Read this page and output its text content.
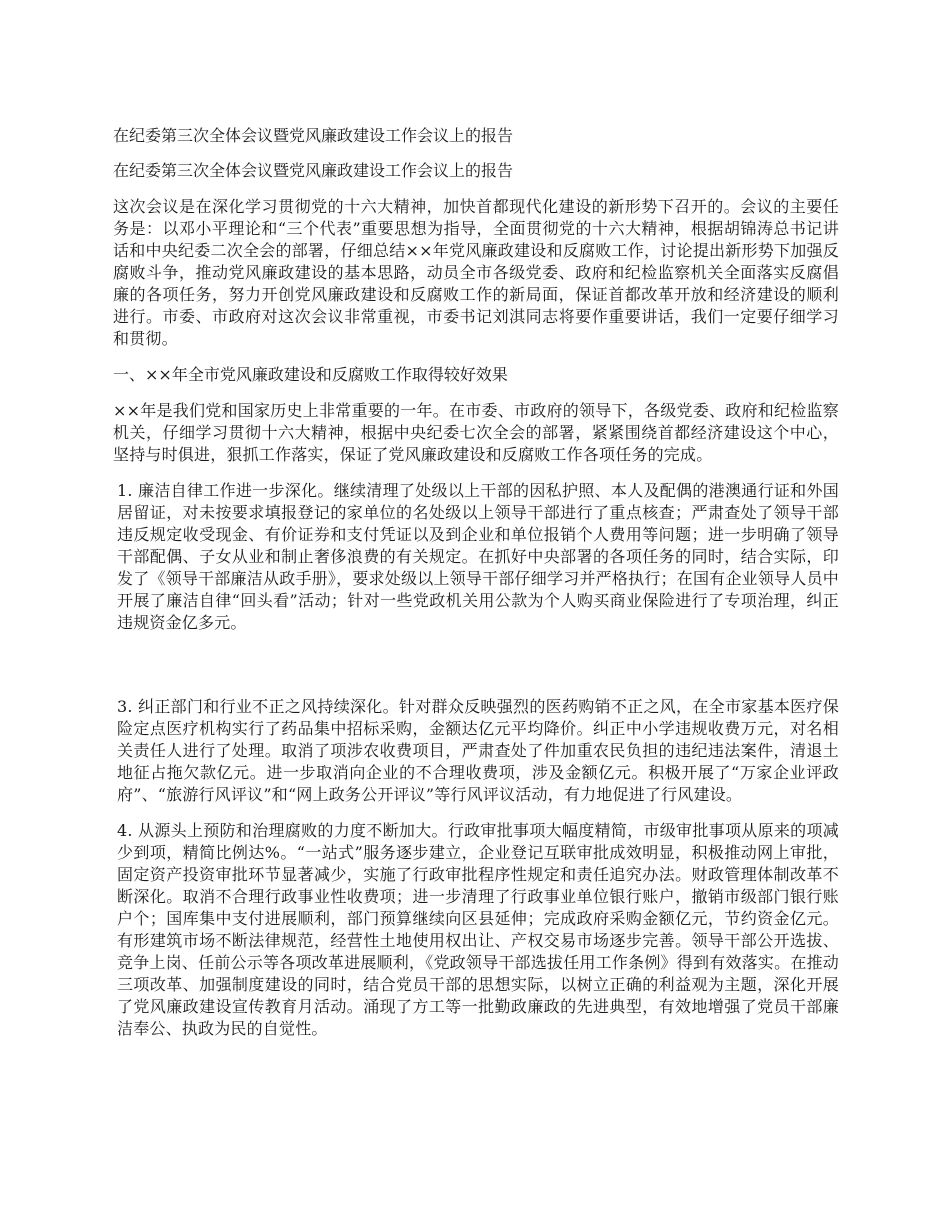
在纪委第三次全体会议暨党风廉政建设工作会议上的报告

在纪委第三次全体会议暨党风廉政建设工作会议上的报告

这次会议是在深化学习贯彻党的十六大精神，加快首都现代化建设的新形势下召开的。会议的主要任务是：以邓小平理论和“三个代表”重要思想为指导，全面贯彻党的十六大精神，根据胡锦涛总书记讲话和中央纪委二次全会的部署，仔细总结××年党风廉政建设和反腐败工作，讨论提出新形势下加强反腐败斗争，推动党风廉政建设的基本思路，动员全市各级党委、政府和纪检监察机关全面落实反腐倡廉的各项任务，努力开创党风廉政建设和反腐败工作的新局面，保证首都改革开放和经济建设的顺利进行。市委、市政府对这次会议非常重视，市委书记刘淇同志将要作重要讲话，我们一定要仔细学习和贯彻。

一、××年全市党风廉政建设和反腐败工作取得较好效果

××年是我们党和国家历史上非常重要的一年。在市委、市政府的领导下，各级党委、政府和纪检监察机关，仔细学习贯彻十六大精神，根据中央纪委七次全会的部署，紧紧围绕首都经济建设这个中心，坚持与时俱进，狠抓工作落实，保证了党风廉政建设和反腐败工作各项任务的完成。

1. 廉洁自律工作进一步深化。继续清理了处级以上干部的因私护照、本人及配偶的港澳通行证和外国居留证，对未按要求填报登记的家单位的名处级以上领导干部进行了重点核查；严肃查处了领导干部违反规定收受现金、有价证券和支付凭证以及到企业和单位报销个人费用等问题；进一步明确了领导干部配偶、子女从业和制止奢侈浪费的有关规定。在抓好中央部署的各项任务的同时，结合实际，印发了《领导干部廉洁从政手册》，要求处级以上领导干部仔细学习并严格执行；在国有企业领导人员中开展了廉洁自律“回头看”活动；针对一些党政机关用公款为个人购买商业保险进行了专项治理，纠正违规资金亿多元。

3. 纠正部门和行业不正之风持续深化。针对群众反映强烈的医药购销不正之风，在全市家基本医疗保险定点医疗机构实行了药品集中招标采购，金额达亿元平均降价。纠正中小学违规收费万元，对名相关责任人进行了处理。取消了项涉农收费项目，严肃查处了件加重农民负担的违纪违法案件，清退土地征占拖欠款亿元。进一步取消向企业的不合理收费项，涉及金额亿元。积极开展了“万家企业评政府”、“旅游行风评议”和“网上政务公开评议”等行风评议活动，有力地促进了行风建设。

4. 从源头上预防和治理腐败的力度不断加大。行政审批事项大幅度精简，市级审批事项从原来的项减少到项，精简比例达%。“一站式”服务逐步建立，企业登记互联审批成效明显，积极推动网上审批，固定资产投资审批环节显著减少，实施了行政审批程序性规定和责任追究办法。财政管理体制改革不断深化。取消不合理行政事业性收费项；进一步清理了行政事业单位银行账户，撤销市级部门银行账户个；国库集中支付进展顺利，部门预算继续向区县延伸；完成政府采购金额亿元，节约资金亿元。有形建筑市场不断法律规范，经营性土地使用权出让、产权交易市场逐步完善。领导干部公开选拔、竞争上岗、任前公示等各项改革进展顺利，《党政领导干部选拔任用工作条例》得到有效落实。在推动三项改革、加强制度建设的同时，结合党员干部的思想实际，以树立正确的利益观为主题，深化开展了党风廉政建设宣传教育月活动。涌现了方工等一批勤政廉政的先进典型，有效地增强了党员干部廉洁奉公、执政为民的自觉性。
